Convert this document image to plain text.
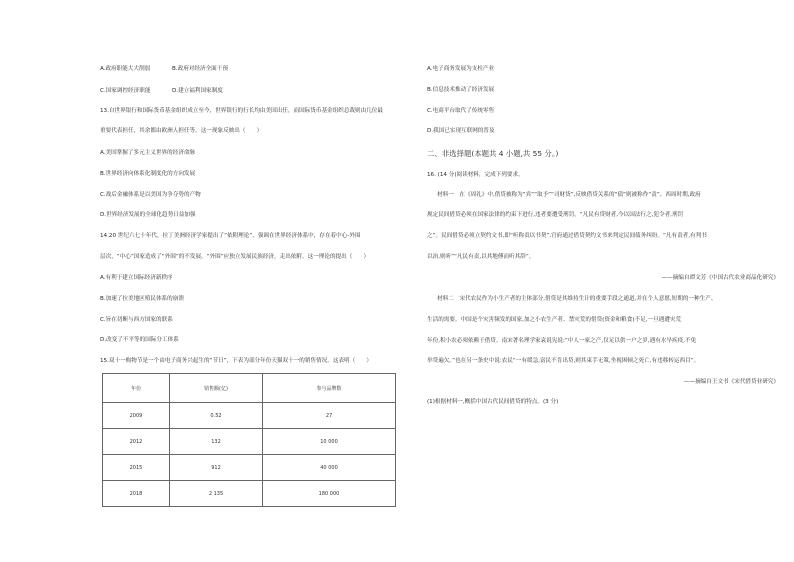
A.政府职能大大削弱	B.政府对经济全面干预
C.国家调控经济职能	D.建立福利国家制度
13.自世界银行和国际货币基金组织成立至今，世界银行的行长均由美国出任，而国际货币基金组织总裁则由几位最
重要代表担任，其余都由欧洲人担任等。这一现象反映出（　　）
A.美国掌握了多元主义世界的经济命脉
B.世界经济向体系化制度化的方向发展
C.战后金融体系是以美国为争夺势的产物
D.世界经济发展的全球化趋势日益加强
14.20 世纪六七十年代，拉丁美洲经济学家提出了“依附理论”，强调在世界经济体系中，存在着中心-外围
层次，“中心”国家造成了“外围”的不发展。“外围”应独立发展民族经济，走出依附。这一理论的提出（　　）
A.有利于建立国际经济新秩序
B.加速了拉美地区殖民体系的崩溃
C.旨在切断与西方国家的联系
D.改变了不平等的国际分工体系
15.双十一购物节是一个由电子商务兴起生的“节日”，下表为部分年份天猫双十一的销售情况。这表明（　　）
年份	销售额(亿)	参与品牌数
2009	0.52	27
2012	132	10 000
2015	912	40 000
2018	2 135	180 000
A.电子商务发展为支柱产业
B.信息技术推动了经济发展
C.电商平台取代了传统零售
D.我国已实现互联网的普及
二、非选择题(本题共 4 小题,共 55 分。)
16. (14 分)阅读材料，完成下列要求。
材料一　在《周礼》中,借贷被称为“宾”“取予”“司财货”,反映借贷关系的“债”则被称作“责”。西周时期,政府
规定民间借贷必须在国家法律的约束下进行,违者要遭受刑罚。“凡民有贷财者,今以国法行之,犯令者,刑罚
之”。民间借贷必须立契约文书,即“听称责以书契”,官府通过借贷契约文书来判定民间债务纠纷。“凡有责者,有判书
以治,则听”“凡民有责,以其地傅而听其辞”。
——摘编自谭文芳《中国古代农业商品化研究》
材料二　宋代农民作为小生产者的主体部分,借贷是其维持生计的重要手段之通道,并在个人意愿,短期的一种生产、
生活的需要。中国是个灾害频发的国家,加之小农生产者、禁灾荒的借贷(资金和粮食)不足,一旦遇遭灾荒
年份,积小农必须依赖于借贷。南宋著名理学家袁说宪说:“中人一家之产,仅足以供一户之岁,遇有水旱疾疫,不免
举贷遍欠。”也在另一条史中说:农民“一有缓急,富民不肯出贷,则其束手无策,坐视困顿之死亡,有违移转运西目”。
——摘编自王文书《宋代借贷业研究》
(1)根据材料一,概括中国古代民间借贷的特点。(3 分)
